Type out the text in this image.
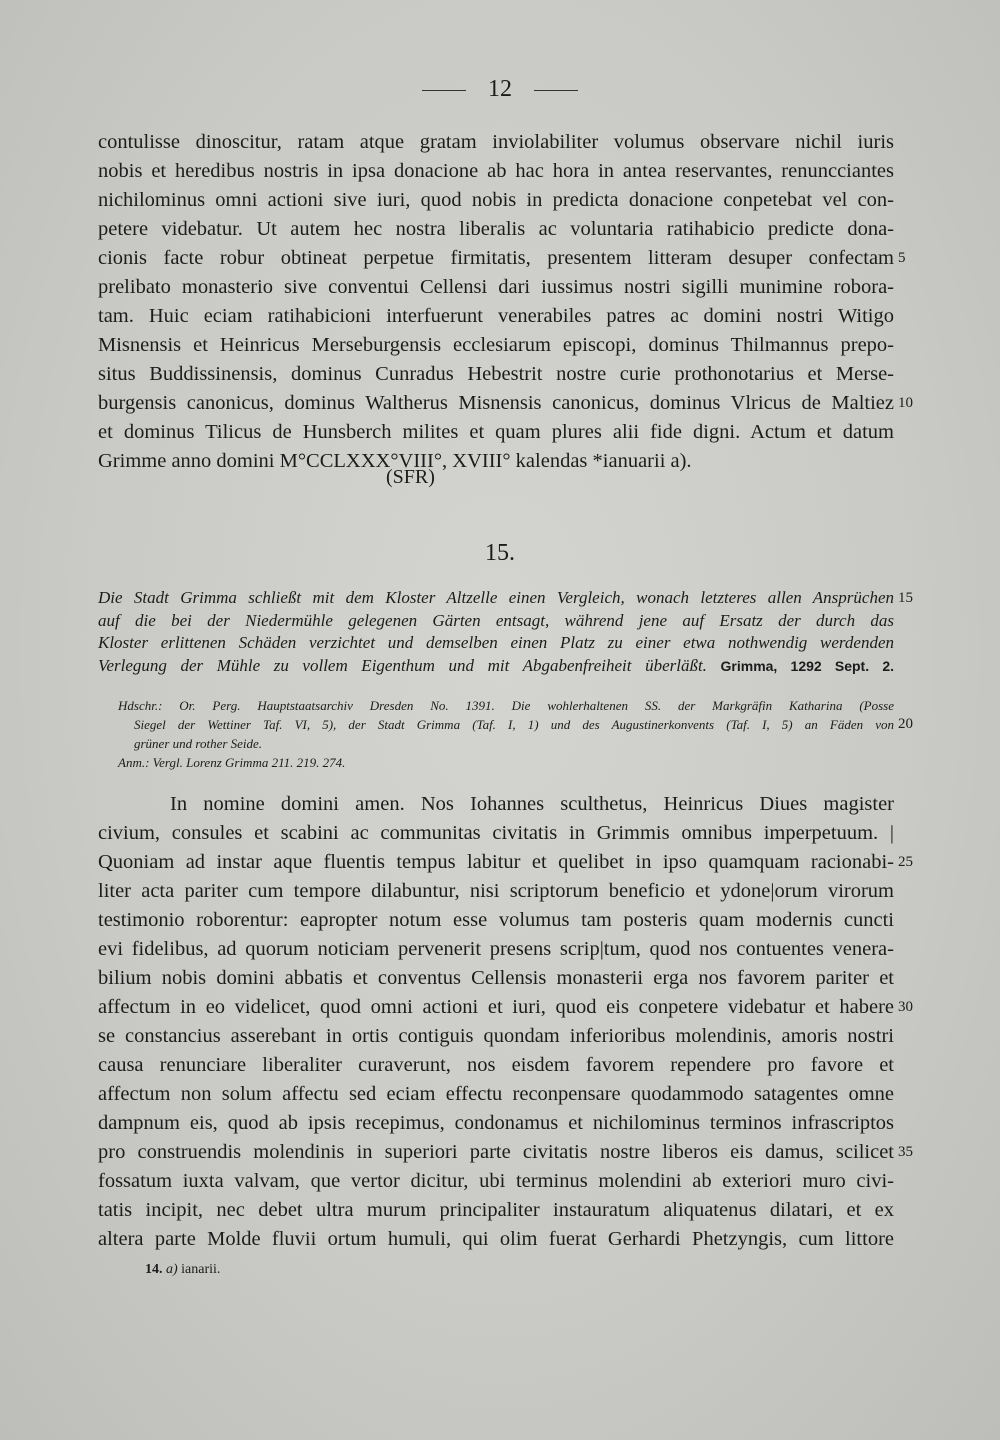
12
contulisse dinoscitur, ratam atque gratam inviolabiliter volumus observare nichil iuris
nobis et heredibus nostris in ipsa donacione ab hac hora in antea reservantes, renuncciantes
nichilominus omni actioni sive iuri, quod nobis in predicta donacione conpetebat vel con-
petere videbatur. Ut autem hec nostra liberalis ac voluntaria ratihabicio predicte dona-
cionis facte robur obtineat perpetue firmitatis, presentem litteram desuper confectam 5
prelibato monasterio sive conventui Cellensi dari iussimus nostri sigilli munimine robora-
tam. Huic eciam ratihabicioni interfuerunt venerabiles patres ac domini nostri Witigo
Misnensis et Heinricus Merseburgensis ecclesiarum episcopi, dominus Thilmannus prepo-
situs Buddissinensis, dominus Cunradus Hebestrit nostre curie prothonotarius et Merse-
burgensis canonicus, dominus Waltherus Misnensis canonicus, dominus Vlricus de Maltiez 10
et dominus Tilicus de Hunsberch milites et quam plures alii fide digni. Actum et datum
Grimme anno domini M°CCLXXX°VIII°, XVIII° kalendas *ianuarii a).
(SFR)
15.
Die Stadt Grimma schließt mit dem Kloster Altzelle einen Vergleich, wonach letzteres allen Ansprüchen 15
auf die bei der Niedermühle gelegenen Gärten entsagt, während jene auf Ersatz der durch das
Kloster erlittenen Schäden verzichtet und demselben einen Platz zu einer etwa nothwendig werdenden
Verlegung der Mühle zu vollem Eigenthum und mit Abgabenfreiheit überläßt. Grimma, 1292 Sept. 2.
Hdschr.: Or. Perg. Hauptstaatsarchiv Dresden No. 1391. Die wohlerhaltenen SS. der Markgräfin Katharina (Posse
Siegel der Wettiner Taf. VI, 5), der Stadt Grimma (Taf. I, 1) und des Augustinerkonvents (Taf. I, 5) an Fäden von 20
grüner und rother Seide.
Anm.: Vergl. Lorenz Grimma 211. 219. 274.
In nomine domini amen. Nos Iohannes sculthetus, Heinricus Diues magister
civium, consules et scabini ac communitas civitatis in Grimmis omnibus imperpetuum. |
Quoniam ad instar aque fluentis tempus labitur et quelibet in ipso quamquam racionabi- 25
liter acta pariter cum tempore dilabuntur, nisi scriptorum beneficio et ydone|orum virorum
testimonio roborentur: eapropter notum esse volumus tam posteris quam modernis cuncti
evi fidelibus, ad quorum noticiam pervenerit presens scrip|tum, quod nos contuentes venera-
bilium nobis domini abbatis et conventus Cellensis monasterii erga nos favorem pariter et
affectum in eo videlicet, quod omni actioni et iuri, quod eis conpetere videbatur et habere 30
se constancius asserebant in ortis contiguis quondam inferioribus molendinis, amoris nostri
causa renunciare liberaliter curaverunt, nos eisdem favorem rependere pro favore et
affectum non solum affectu sed eciam effectu reconpensare quodammodo satagentes omne
dampnum eis, quod ab ipsis recepimus, condonamus et nichilominus terminos infrascriptos
pro construendis molendinis in superiori parte civitatis nostre liberos eis damus, scilicet 35
fossatum iuxta valvam, que vertor dicitur, ubi terminus molendini ab exteriori muro civi-
tatis incipit, nec debet ultra murum principaliter instauratum aliquatenus dilatari, et ex
altera parte Molde fluvii ortum humuli, qui olim fuerat Gerhardi Phetzyngis, cum littore
14. a) ianarii.
